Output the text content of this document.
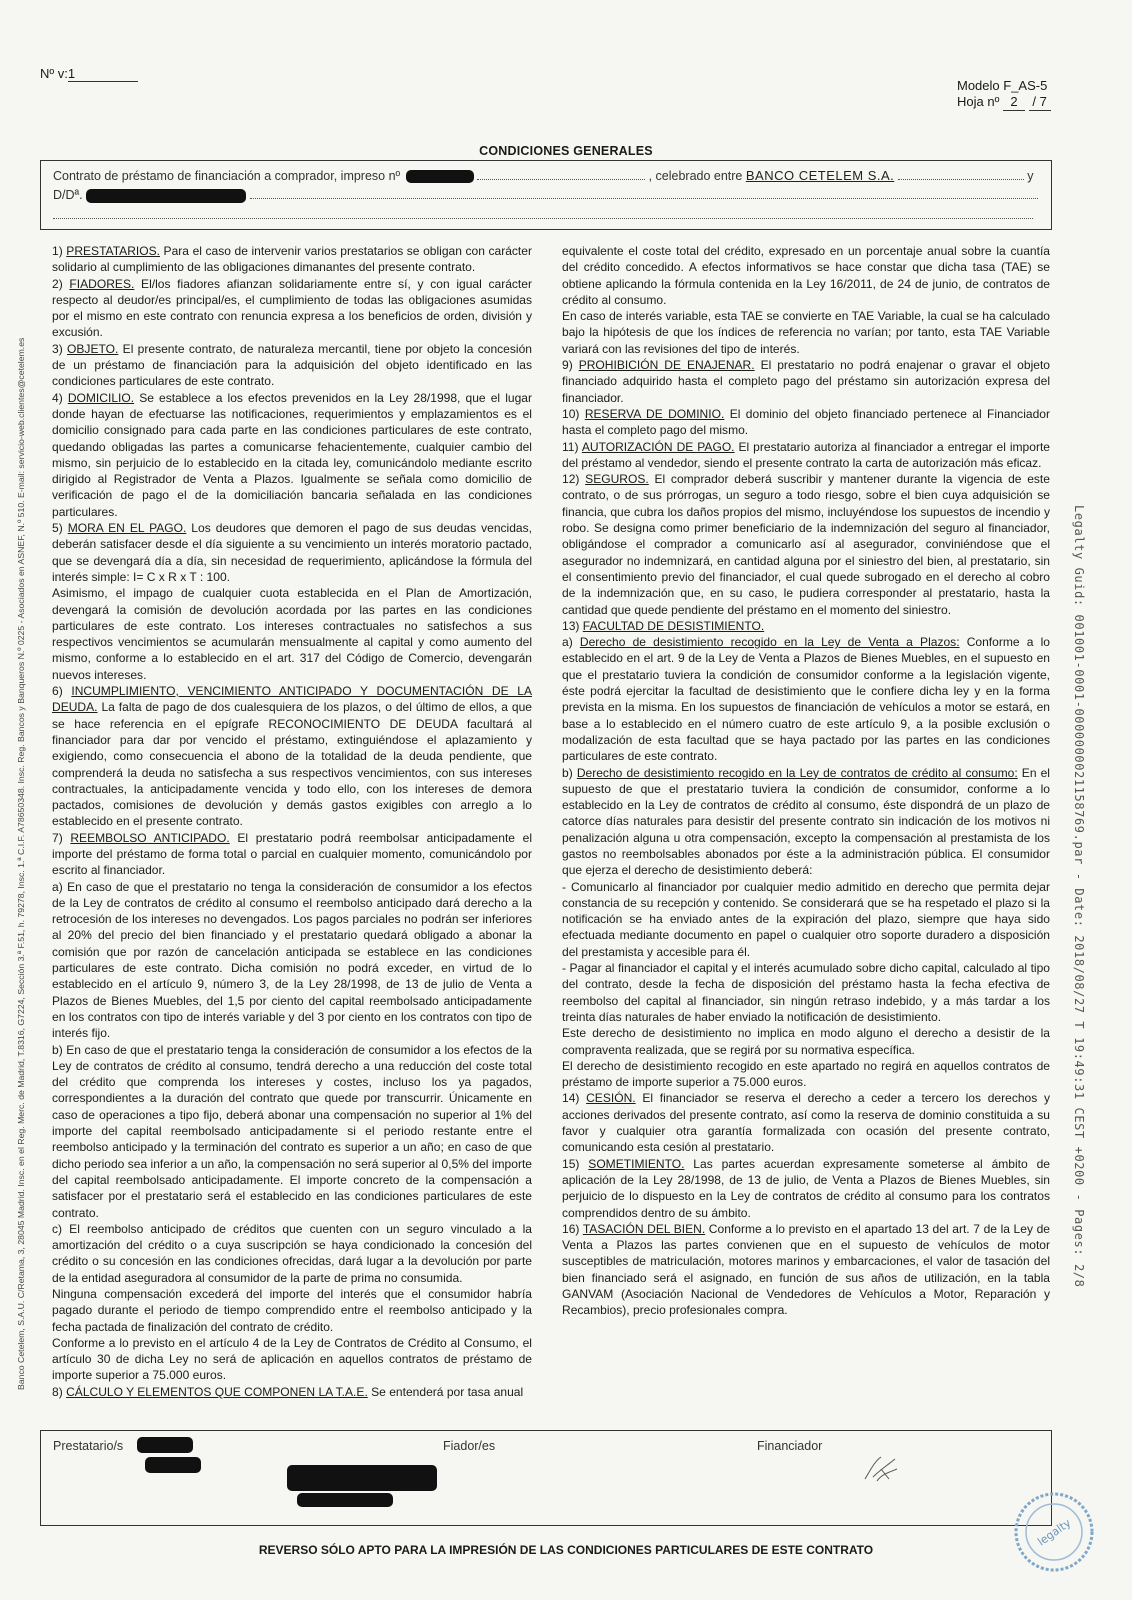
Nº v:1
Modelo F_AS-5
Hoja nº 2 / 7
CONDICIONES GENERALES
Contrato de préstamo de financiación a comprador, impreso nº	, celebrado entre BANCO CETELEM S.A.	y
D/Dª.
Banco Cetelem, S.A.U. C/Retama, 3, 28045 Madrid. Insc. en el Reg. Merc. de Madrid, T.8316, G7224, Sección 3.ª F.51, h. 79278, Insc. 1.ª C.I.F. A78650348. Insc. Reg. Bancos y Banqueros N.º 0225 - Asociados en ASNEF, N.º 510. E-mail: servicio-web.clientes@cetelem.es	Legalty Guid: 001001-0001-0000000021158769.par - Date: 2018/08/27 T 19:49:31 CEST +0200 - Pages: 2/8

1) PRESTATARIOS. Para el caso de intervenir varios prestatarios se obligan con carácter solidario al cumplimiento de las obligaciones dimanantes del presente contrato.

2) FIADORES. El/los fiadores afianzan solidariamente entre sí, y con igual carácter respecto al deudor/es principal/es, el cumplimiento de todas las obligaciones asumidas por el mismo en este contrato con renuncia expresa a los beneficios de orden, división y excusión.

3) OBJETO. El presente contrato, de naturaleza mercantil, tiene por objeto la concesión de un préstamo de financiación para la adquisición del objeto identificado en las condiciones particulares de este contrato.

4) DOMICILIO. Se establece a los efectos prevenidos en la Ley 28/1998, que el lugar donde hayan de efectuarse las notificaciones, requerimientos y emplazamientos es el domicilio consignado para cada parte en las condiciones particulares de este contrato, quedando obligadas las partes a comunicarse fehacientemente, cualquier cambio del mismo, sin perjuicio de lo establecido en la citada ley, comunicándolo mediante escrito dirigido al Registrador de Venta a Plazos. Igualmente se señala como domicilio de verificación de pago el de la domiciliación bancaria señalada en las condiciones particulares.

5) MORA EN EL PAGO. Los deudores que demoren el pago de sus deudas vencidas, deberán satisfacer desde el día siguiente a su vencimiento un interés moratorio pactado, que se devengará día a día, sin necesidad de requerimiento, aplicándose la fórmula del interés simple: I= C x R x T : 100.

Asimismo, el impago de cualquier cuota establecida en el Plan de Amortización, devengará la comisión de devolución acordada por las partes en las condiciones particulares de este contrato. Los intereses contractuales no satisfechos a sus respectivos vencimientos se acumularán mensualmente al capital y como aumento del mismo, conforme a lo establecido en el art. 317 del Código de Comercio, devengarán nuevos intereses.

6) INCUMPLIMIENTO, VENCIMIENTO ANTICIPADO Y DOCUMENTACIÓN DE LA DEUDA. La falta de pago de dos cualesquiera de los plazos, o del último de ellos, a que se hace referencia en el epígrafe RECONOCIMIENTO DE DEUDA facultará al financiador para dar por vencido el préstamo, extinguiéndose el aplazamiento y exigiendo, como consecuencia el abono de la totalidad de la deuda pendiente, que comprenderá la deuda no satisfecha a sus respectivos vencimientos, con sus intereses contractuales, la anticipadamente vencida y todo ello, con los intereses de demora pactados, comisiones de devolución y demás gastos exigibles con arreglo a lo establecido en el presente contrato.

7) REEMBOLSO ANTICIPADO. El prestatario podrá reembolsar anticipadamente el importe del préstamo de forma total o parcial en cualquier momento, comunicándolo por escrito al financiador.

a) En caso de que el prestatario no tenga la consideración de consumidor a los efectos de la Ley de contratos de crédito al consumo el reembolso anticipado dará derecho a la retrocesión de los intereses no devengados. Los pagos parciales no podrán ser inferiores al 20% del precio del bien financiado y el prestatario quedará obligado a abonar la comisión que por razón de cancelación anticipada se establece en las condiciones particulares de este contrato. Dicha comisión no podrá exceder, en virtud de lo establecido en el artículo 9, número 3, de la Ley 28/1998, de 13 de julio de Venta a Plazos de Bienes Muebles, del 1,5 por ciento del capital reembolsado anticipadamente en los contratos con tipo de interés variable y del 3 por ciento en los contratos con tipo de interés fijo.

b) En caso de que el prestatario tenga la consideración de consumidor a los efectos de la Ley de contratos de crédito al consumo, tendrá derecho a una reducción del coste total del crédito que comprenda los intereses y costes, incluso los ya pagados, correspondientes a la duración del contrato que quede por transcurrir. Únicamente en caso de operaciones a tipo fijo, deberá abonar una compensación no superior al 1% del importe del capital reembolsado anticipadamente si el periodo restante entre el reembolso anticipado y la terminación del contrato es superior a un año; en caso de que dicho periodo sea inferior a un año, la compensación no será superior al 0,5% del importe del capital reembolsado anticipadamente. El importe concreto de la compensación a satisfacer por el prestatario será el establecido en las condiciones particulares de este contrato.

c) El reembolso anticipado de créditos que cuenten con un seguro vinculado a la amortización del crédito o a cuya suscripción se haya condicionado la concesión del crédito o su concesión en las condiciones ofrecidas, dará lugar a la devolución por parte de la entidad aseguradora al consumidor de la parte de prima no consumida.

Ninguna compensación excederá del importe del interés que el consumidor habría pagado durante el periodo de tiempo comprendido entre el reembolso anticipado y la fecha pactada de finalización del contrato de crédito.

Conforme a lo previsto en el artículo 4 de la Ley de Contratos de Crédito al Consumo, el artículo 30 de dicha Ley no será de aplicación en aquellos contratos de préstamo de importe superior a 75.000 euros.

8) CÁLCULO Y ELEMENTOS QUE COMPONEN LA T.A.E. Se entenderá por tasa anual

equivalente el coste total del crédito, expresado en un porcentaje anual sobre la cuantía del crédito concedido. A efectos informativos se hace constar que dicha tasa (TAE) se obtiene aplicando la fórmula contenida en la Ley 16/2011, de 24 de junio, de contratos de crédito al consumo.

En caso de interés variable, esta TAE se convierte en TAE Variable, la cual se ha calculado bajo la hipótesis de que los índices de referencia no varían; por tanto, esta TAE Variable variará con las revisiones del tipo de interés.

9) PROHIBICIÓN DE ENAJENAR. El prestatario no podrá enajenar o gravar el objeto financiado adquirido hasta el completo pago del préstamo sin autorización expresa del financiador.

10) RESERVA DE DOMINIO. El dominio del objeto financiado pertenece al Financiador hasta el completo pago del mismo.

11) AUTORIZACIÓN DE PAGO. El prestatario autoriza al financiador a entregar el importe del préstamo al vendedor, siendo el presente contrato la carta de autorización más eficaz.

12) SEGUROS. El comprador deberá suscribir y mantener durante la vigencia de este contrato, o de sus prórrogas, un seguro a todo riesgo, sobre el bien cuya adquisición se financia, que cubra los daños propios del mismo, incluyéndose los supuestos de incendio y robo. Se designa como primer beneficiario de la indemnización del seguro al financiador, obligándose el comprador a comunicarlo así al asegurador, conviniéndose que el asegurador no indemnizará, en cantidad alguna por el siniestro del bien, al prestatario, sin el consentimiento previo del financiador, el cual quede subrogado en el derecho al cobro de la indemnización que, en su caso, le pudiera corresponder al prestatario, hasta la cantidad que quede pendiente del préstamo en el momento del siniestro.

13) FACULTAD DE DESISTIMIENTO.

a) Derecho de desistimiento recogido en la Ley de Venta a Plazos: Conforme a lo establecido en el art. 9 de la Ley de Venta a Plazos de Bienes Muebles, en el supuesto en que el prestatario tuviera la condición de consumidor conforme a la legislación vigente, éste podrá ejercitar la facultad de desistimiento que le confiere dicha ley y en la forma prevista en la misma. En los supuestos de financiación de vehículos a motor se estará, en base a lo establecido en el número cuatro de este artículo 9, a la posible exclusión o modalización de esta facultad que se haya pactado por las partes en las condiciones particulares de este contrato.

b) Derecho de desistimiento recogido en la Ley de contratos de crédito al consumo: En el supuesto de que el prestatario tuviera la condición de consumidor, conforme a lo establecido en la Ley de contratos de crédito al consumo, éste dispondrá de un plazo de catorce días naturales para desistir del presente contrato sin indicación de los motivos ni penalización alguna u otra compensación, excepto la compensación al prestamista de los gastos no reembolsables abonados por éste a la administración pública. El consumidor que ejerza el derecho de desistimiento deberá:

- Comunicarlo al financiador por cualquier medio admitido en derecho que permita dejar constancia de su recepción y contenido. Se considerará que se ha respetado el plazo si la notificación se ha enviado antes de la expiración del plazo, siempre que haya sido efectuada mediante documento en papel o cualquier otro soporte duradero a disposición del prestamista y accesible para él.

- Pagar al financiador el capital y el interés acumulado sobre dicho capital, calculado al tipo del contrato, desde la fecha de disposición del préstamo hasta la fecha efectiva de reembolso del capital al financiador, sin ningún retraso indebido, y a más tardar a los treinta días naturales de haber enviado la notificación de desistimiento.

Este derecho de desistimiento no implica en modo alguno el derecho a desistir de la compraventa realizada, que se regirá por su normativa específica.

El derecho de desistimiento recogido en este apartado no regirá en aquellos contratos de préstamo de importe superior a 75.000 euros.

14) CESIÓN. El financiador se reserva el derecho a ceder a tercero los derechos y acciones derivados del presente contrato, así como la reserva de dominio constituida a su favor y cualquier otra garantía formalizada con ocasión del presente contrato, comunicando esta cesión al prestatario.

15) SOMETIMIENTO. Las partes acuerdan expresamente someterse al ámbito de aplicación de la Ley 28/1998, de 13 de julio, de Venta a Plazos de Bienes Muebles, sin perjuicio de lo dispuesto en la Ley de contratos de crédito al consumo para los contratos comprendidos dentro de su ámbito.

16) TASACIÓN DEL BIEN. Conforme a lo previsto en el apartado 13 del art. 7 de la Ley de Venta a Plazos las partes convienen que en el supuesto de vehículos de motor susceptibles de matriculación, motores marinos y embarcaciones, el valor de tasación del bien financiado será el asignado, en función de sus años de utilización, en la tabla GANVAM (Asociación Nacional de Vendedores de Vehículos a Motor, Reparación y Recambios), precio profesionales compra.

Prestatario/s	Fiador/es	Financiador
REVERSO SÓLO APTO PARA LA IMPRESIÓN DE LAS CONDICIONES PARTICULARES DE ESTE CONTRATO
legalty
